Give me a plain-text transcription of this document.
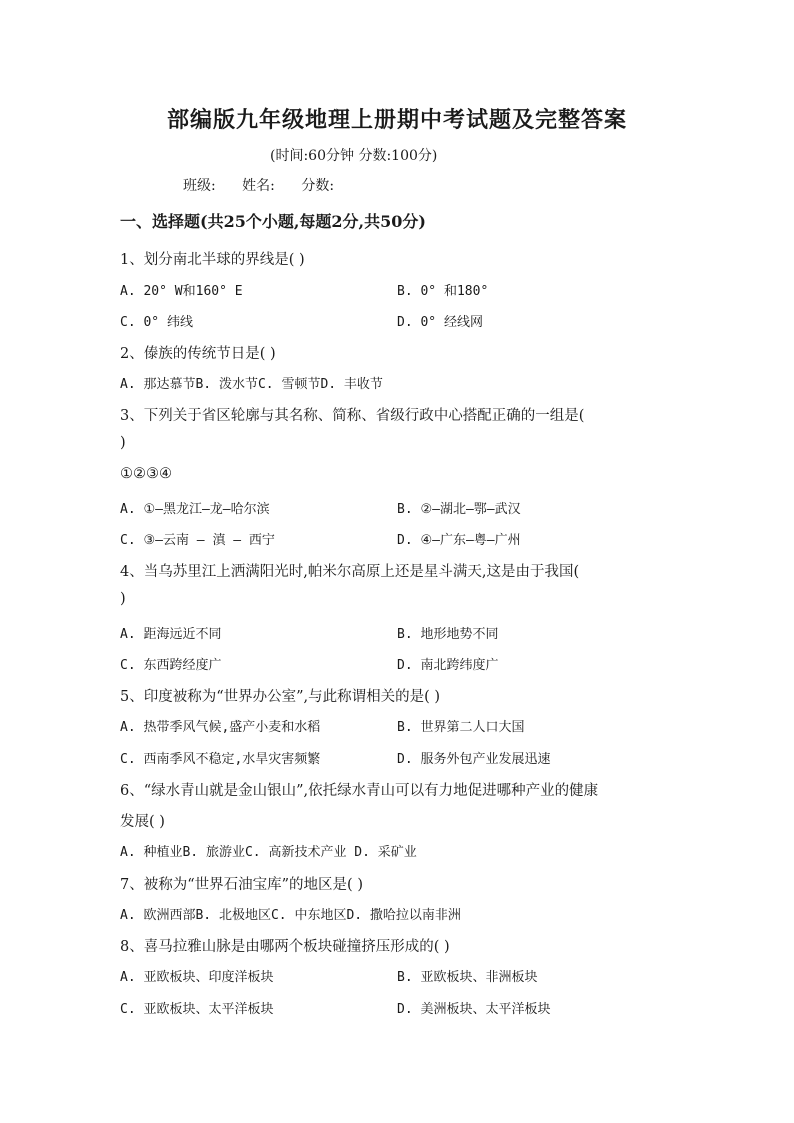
部编版九年级地理上册期中考试题及完整答案
(时间:60分钟 分数:100分)
班级: 姓名: 分数:
一、选择题(共25个小题,每题2分,共50分)
1、划分南北半球的界线是( )
A. 20° W和160° E	B. 0° 和180°
C. 0° 纬线	D. 0° 经线网
2、傣族的传统节日是( )
A. 那达慕节B. 泼水节C. 雪顿节D. 丰收节
3、下列关于省区轮廓与其名称、简称、省级行政中心搭配正确的一组是(
)
①②③④
A. ①—黑龙江—龙—哈尔滨	B. ②—湖北—鄂—武汉
C. ③—云南 — 滇 — 西宁	D. ④—广东—粤—广州
4、当乌苏里江上洒满阳光时,帕米尔高原上还是星斗满天,这是由于我国(
)
A. 距海远近不同	B. 地形地势不同
C. 东西跨经度广	D. 南北跨纬度广
5、印度被称为“世界办公室”,与此称谓相关的是( )
A. 热带季风气候,盛产小麦和水稻	B. 世界第二人口大国
C. 西南季风不稳定,水旱灾害频繁	D. 服务外包产业发展迅速
6、“绿水青山就是金山银山”,依托绿水青山可以有力地促进哪种产业的健康
发展( )
A. 种植业B. 旅游业C. 高新技术产业 D. 采矿业
7、被称为“世界石油宝库”的地区是( )
A. 欧洲西部B. 北极地区C. 中东地区D. 撒哈拉以南非洲
8、喜马拉雅山脉是由哪两个板块碰撞挤压形成的( )
A. 亚欧板块、印度洋板块	B. 亚欧板块、非洲板块
C. 亚欧板块、太平洋板块	D. 美洲板块、太平洋板块
